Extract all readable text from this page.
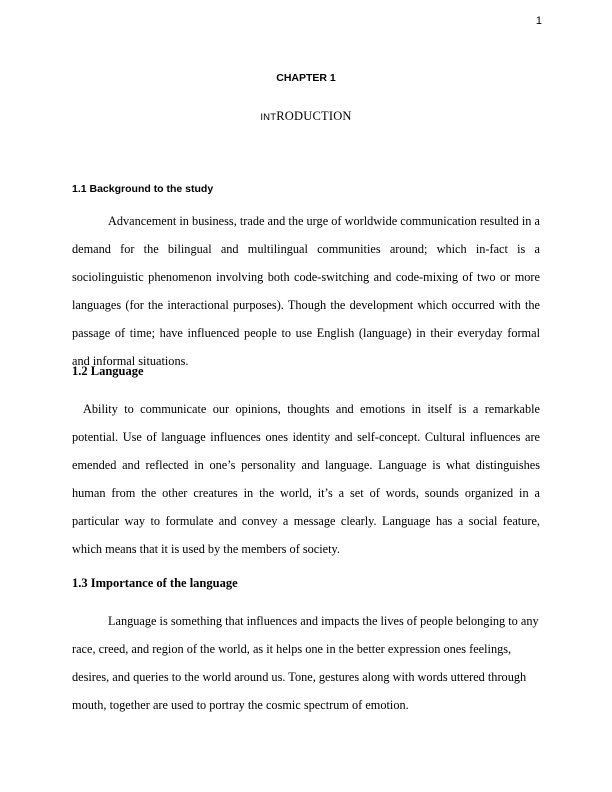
1
CHAPTER 1
INTRODUCTION
1.1 Background to the study

Advancement in business, trade and the urge of worldwide communication resulted in a demand for the bilingual and multilingual communities around; which in-fact is a sociolinguistic phenomenon involving both code-switching and code-mixing of two or more languages (for the interactional purposes). Though the development which occurred with the passage of time; have influenced people to use English (language) in their everyday formal and informal situations.

1.2 Language

Ability to communicate our opinions, thoughts and emotions in itself is a remarkable potential. Use of language influences ones identity and self-concept. Cultural influences are emended and reflected in one’s personality and language. Language is what distinguishes human from the other creatures in the world, it’s a set of words, sounds organized in a particular way to formulate and convey a message clearly. Language has a social feature, which means that it is used by the members of society.

1.3 Importance of the language

Language is something that influences and impacts the lives of people belonging to any race, creed, and region of the world, as it helps one in the better expression ones feelings, desires, and queries to the world around us. Tone, gestures along with words uttered through mouth, together are used to portray the cosmic spectrum of emotion.
